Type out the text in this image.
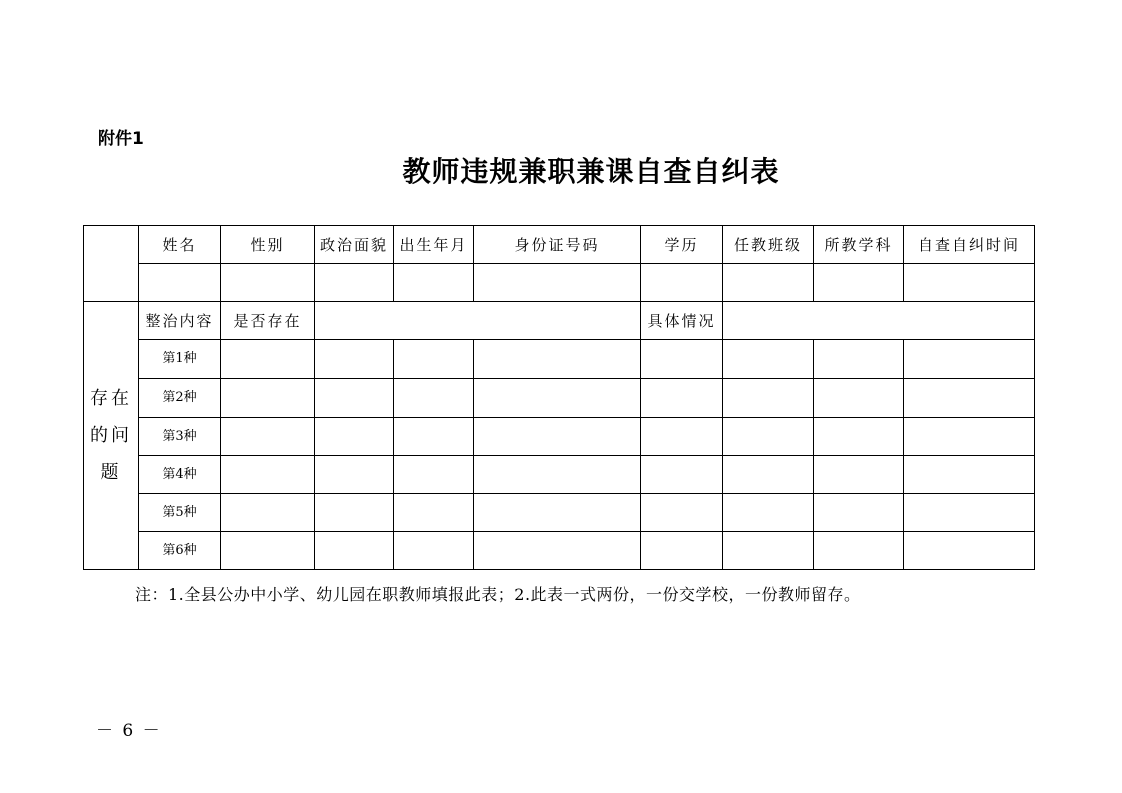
附件1
教师违规兼职兼课自查自纠表
	姓名	性别	政治面貌	出生年月	身份证号码	学历	任教班级	所教学科	自查自纠时间

存在
的问
题	整治内容	是否存在				具体情况			
	第1种								
	第2种								
	第3种								
	第4种								
	第5种								
	第6种								
注：1.全县公办中小学、幼儿园在职教师填报此表；2.此表一式两份，一份交学校，一份教师留存。
－ 6 －
